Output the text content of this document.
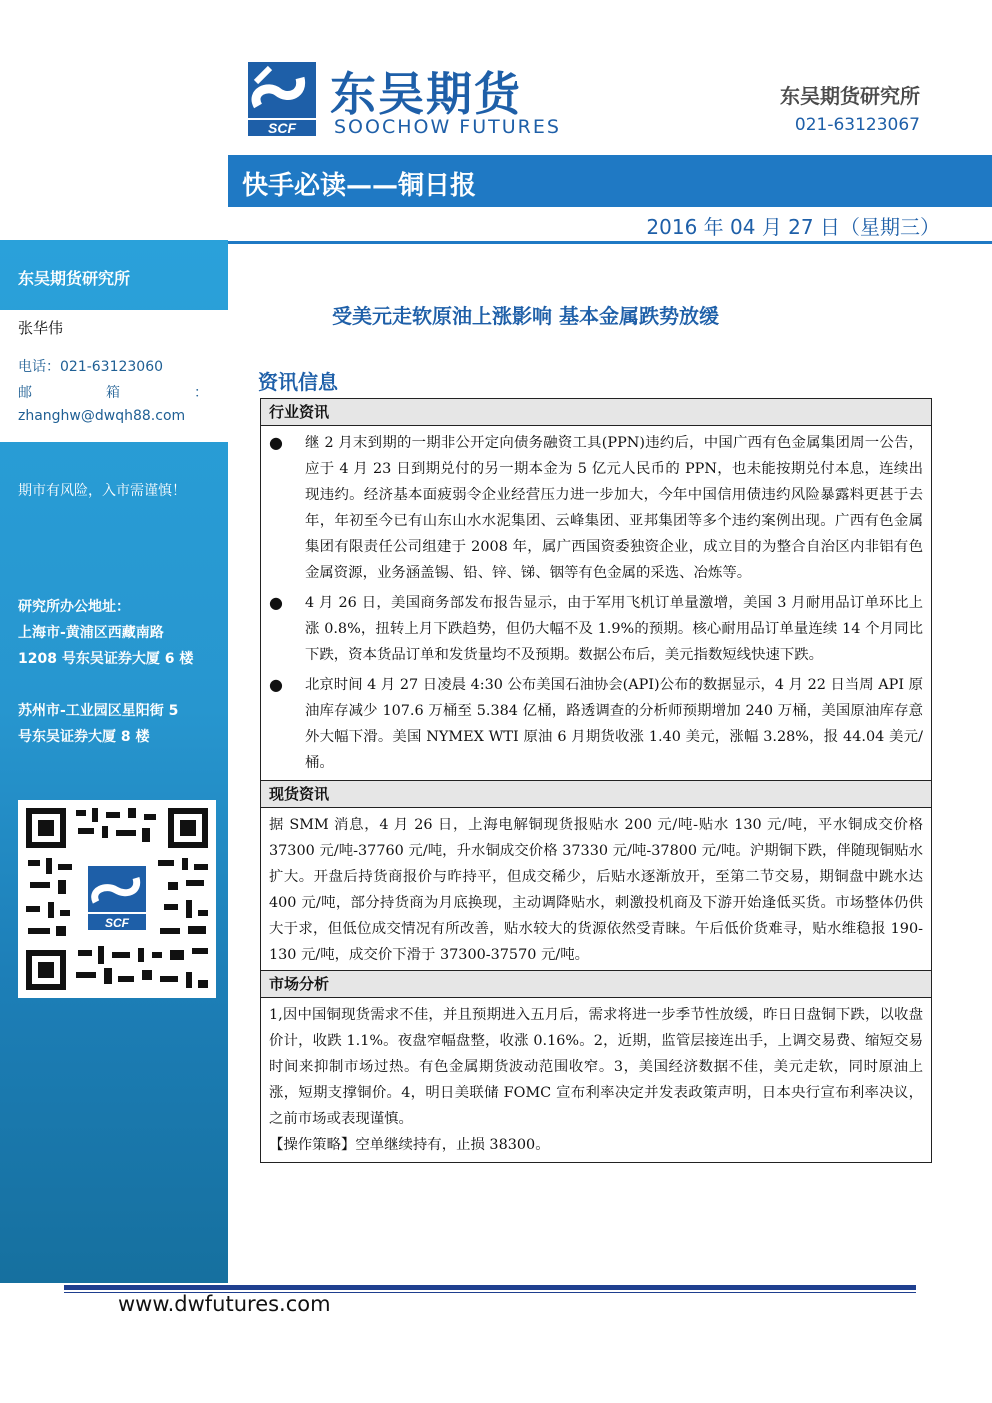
SCF
东吴期货
SOOCHOW FUTURES
东吴期货研究所
021-63123067
快手必读——铜日报
2016 年 04 月 27 日（星期三）
东吴期货研究所
张华伟
电话：021-63123060
邮　　箱　　：
zhanghw@dwqh88.com
期市有风险，入市需谨慎！
研究所办公地址：
上海市-黄浦区西藏南路
1208 号东吴证券大厦 6 楼
苏州市-工业园区星阳街 5
号东吴证券大厦 8 楼
SCF
受美元走软原油上涨影响 基本金属跌势放缓
资讯信息
行业资讯
●	继 2 月末到期的一期非公开定向债务融资工具(PPN)违约后，中国广西有色金属集团周一公告，应于 4 月 23 日到期兑付的另一期本金为 5 亿元人民币的 PPN，也未能按期兑付本息，连续出现违约。经济基本面疲弱令企业经营压力进一步加大，今年中国信用债违约风险暴露料更甚于去年，年初至今已有山东山水水泥集团、云峰集团、亚邦集团等多个违约案例出现。广西有色金属集团有限责任公司组建于 2008 年，属广西国资委独资企业，成立目的为整合自治区内非铝有色金属资源，业务涵盖锡、铅、锌、锑、铟等有色金属的采选、冶炼等。
●	4 月 26 日，美国商务部发布报告显示，由于军用飞机订单量激增，美国 3 月耐用品订单环比上涨 0.8%，扭转上月下跌趋势，但仍大幅不及 1.9%的预期。核心耐用品订单量连续 14 个月同比下跌，资本货品订单和发货量均不及预期。数据公布后，美元指数短线快速下跌。
●	北京时间 4 月 27 日凌晨 4:30 公布美国石油协会(API)公布的数据显示，4 月 22 日当周 API 原油库存减少 107.6 万桶至 5.384 亿桶，路透调查的分析师预期增加 240 万桶，美国原油库存意外大幅下滑。美国 NYMEX WTI 原油 6 月期货收涨 1.40 美元，涨幅 3.28%，报 44.04 美元/桶。
现货资讯
据 SMM 消息，4 月 26 日，上海电解铜现货报贴水 200 元/吨-贴水 130 元/吨，平水铜成交价格 37300 元/吨-37760 元/吨，升水铜成交价格 37330 元/吨-37800 元/吨。沪期铜下跌，伴随现铜贴水扩大。开盘后持货商报价与昨持平，但成交稀少，后贴水逐渐放开，至第二节交易，期铜盘中跳水达 400 元/吨，部分持货商为月底换现，主动调降贴水，刺激投机商及下游开始逢低买货。市场整体仍供大于求，但低位成交情况有所改善，贴水较大的货源依然受青睐。午后低价货难寻，贴水维稳报 190-130 元/吨，成交价下滑于 37300-37570 元/吨。
市场分析
1,因中国铜现货需求不佳，并且预期进入五月后，需求将进一步季节性放缓，昨日日盘铜下跌，以收盘价计，收跌 1.1%。夜盘窄幅盘整，收涨 0.16%。2，近期，监管层接连出手，上调交易费、缩短交易时间来抑制市场过热。有色金属期货波动范围收窄。3，美国经济数据不佳，美元走软，同时原油上涨，短期支撑铜价。4，明日美联储 FOMC 宣布利率决定并发表政策声明，日本央行宣布利率决议，之前市场或表现谨慎。
【操作策略】空单继续持有，止损 38300。
www.dwfutures.com
